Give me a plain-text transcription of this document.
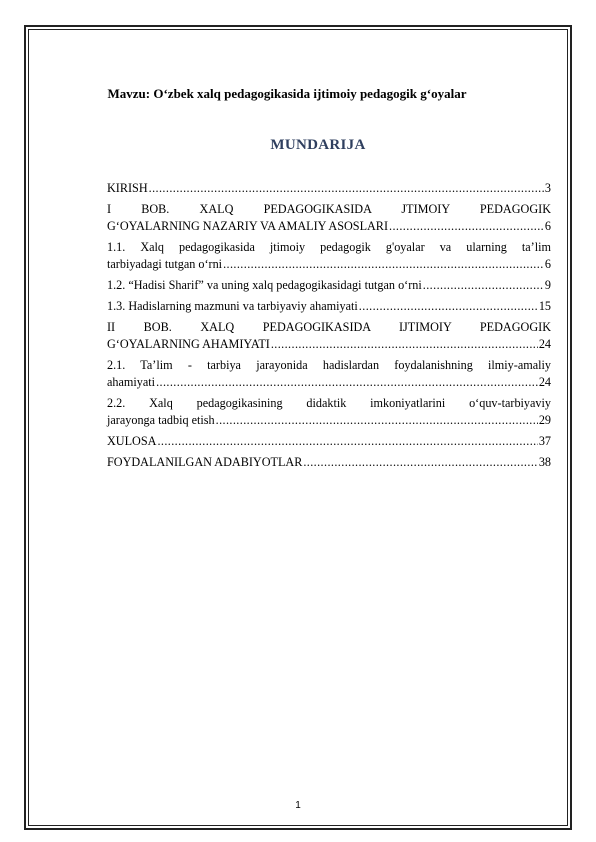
Mavzu: O‘zbek xalq pedagogikasida ijtimoiy pedagogik g‘oyalar
MUNDARIJA
KIRISH .....	3
I BOB. XALQ PEDAGOGIKASIDA JTIMOIY PEDAGOGIK
G‘OYALARNING NAZARIY VA AMALIY ASOSLARI .....	6
1.1. Xalq pedagogikasida jtimoiy pedagogik g'oyalar va ularning ta’lim
tarbiyadagi tutgan o‘rni .....	6
1.2. “Hadisi Sharif” va uning xalq pedagogikasidagi tutgan o‘rni .....	9
1.3. Hadislarning mazmuni va tarbiyaviy ahamiyati .....	15
II BOB. XALQ PEDAGOGIKASIDA IJTIMOIY PEDAGOGIK
G‘OYALARNING AHAMIYATI .....	24
2.1. Ta’lim - tarbiya jarayonida hadislardan foydalanishning ilmiy-amaliy
ahamiyati .....	24
2.2. Xalq pedagogikasining didaktik imkoniyatlarini o‘quv-tarbiyaviy
jarayonga tadbiq etish .....	29
XULOSA .....	37
FOYDALANILGAN ADABIYOTLAR .....	38
1
